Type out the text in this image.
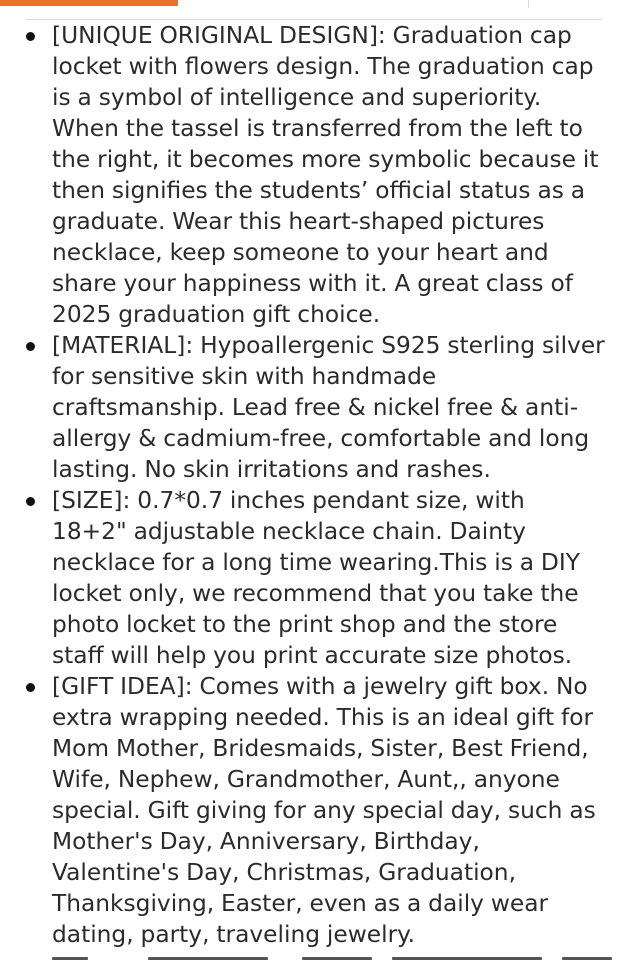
[UNIQUE ORIGINAL DESIGN]: Graduation cap locket with flowers design. The graduation cap is a symbol of intelligence and superiority. When the tassel is transferred from the left to the right, it becomes more symbolic because it then signifies the students’ official status as a graduate. Wear this heart-shaped pictures necklace, keep someone to your heart and share your happiness with it. A great class of 2025 graduation gift choice.
[MATERIAL]: Hypoallergenic S925 sterling silver for sensitive skin with handmade craftsmanship. Lead free & nickel free & anti-allergy & cadmium-free, comfortable and long lasting. No skin irritations and rashes.
[SIZE]: 0.7*0.7 inches pendant size, with 18+2" adjustable necklace chain. Dainty necklace for a long time wearing.This is a DIY locket only, we recommend that you take the photo locket to the print shop and the store staff will help you print accurate size photos.
[GIFT IDEA]: Comes with a jewelry gift box. No extra wrapping needed. This is an ideal gift for Mom Mother, Bridesmaids, Sister, Best Friend, Wife, Nephew, Grandmother, Aunt,, anyone special. Gift giving for any special day, such as Mother's Day, Anniversary, Birthday, Valentine's Day, Christmas, Graduation, Thanksgiving, Easter, even as a daily wear dating, party, traveling jewelry.
